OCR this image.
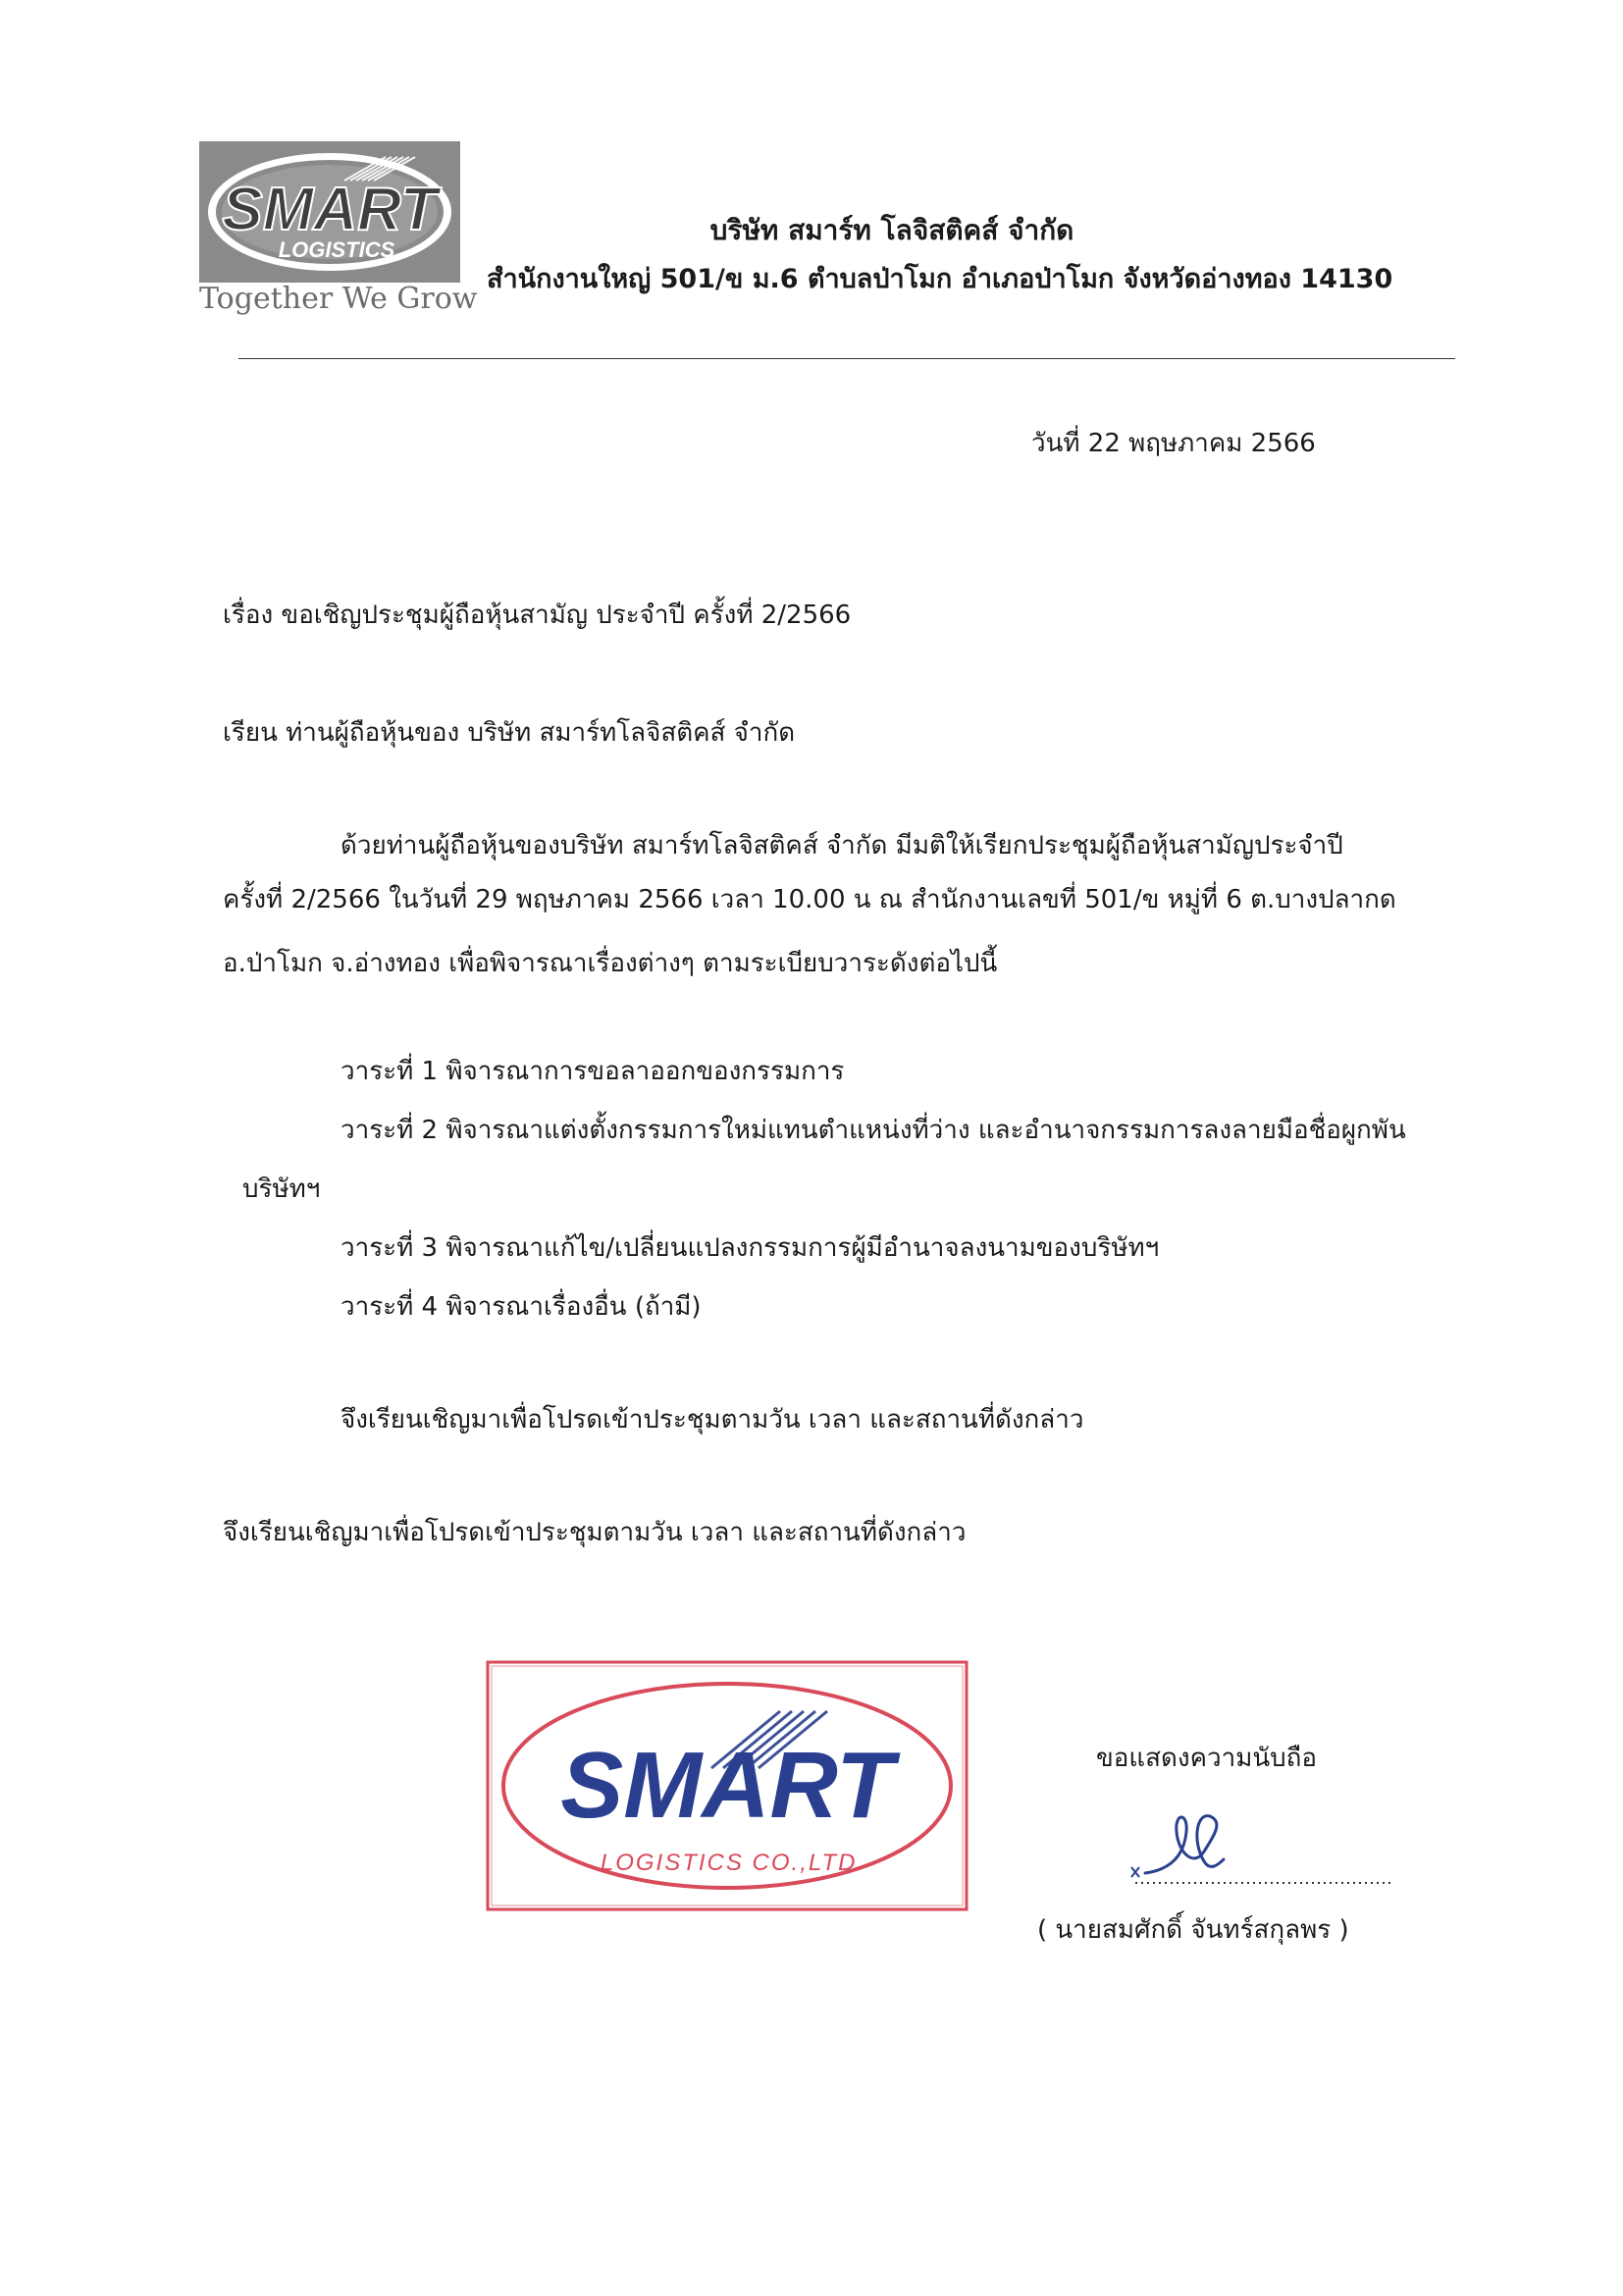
SMART
LOGISTICS
Together We Grow
บริษัท สมาร์ท โลจิสติคส์ จำกัด
สำนักงานใหญ่ 501/ข ม.6 ตำบลป่าโมก อำเภอป่าโมก จังหวัดอ่างทอง 14130
วันที่ 22 พฤษภาคม 2566
เรื่อง ขอเชิญประชุมผู้ถือหุ้นสามัญ ประจำปี ครั้งที่ 2/2566
เรียน ท่านผู้ถือหุ้นของ บริษัท สมาร์ทโลจิสติคส์ จำกัด
ด้วยท่านผู้ถือหุ้นของบริษัท สมาร์ทโลจิสติคส์ จำกัด มีมติให้เรียกประชุมผู้ถือหุ้นสามัญประจำปี
ครั้งที่ 2/2566 ในวันที่ 29 พฤษภาคม 2566 เวลา 10.00 น ณ สำนักงานเลขที่ 501/ข หมู่ที่ 6 ต.บางปลากด
อ.ป่าโมก จ.อ่างทอง เพื่อพิจารณาเรื่องต่างๆ ตามระเบียบวาระดังต่อไปนี้
วาระที่ 1 พิจารณาการขอลาออกของกรรมการ
วาระที่ 2 พิจารณาแต่งตั้งกรรมการใหม่แทนตำแหน่งที่ว่าง และอำนาจกรรมการลงลายมือชื่อผูกพัน
บริษัทฯ
วาระที่ 3 พิจารณาแก้ไข/เปลี่ยนแปลงกรรมการผู้มีอำนาจลงนามของบริษัทฯ
วาระที่ 4 พิจารณาเรื่องอื่น (ถ้ามี)
จึงเรียนเชิญมาเพื่อโปรดเข้าประชุมตามวัน เวลา และสถานที่ดังกล่าว
จึงเรียนเชิญมาเพื่อโปรดเข้าประชุมตามวัน เวลา และสถานที่ดังกล่าว
SMART
LOGISTICS CO.,LTD.
ขอแสดงความนับถือ
( นายสมศักดิ์ จันทร์สกุลพร )
